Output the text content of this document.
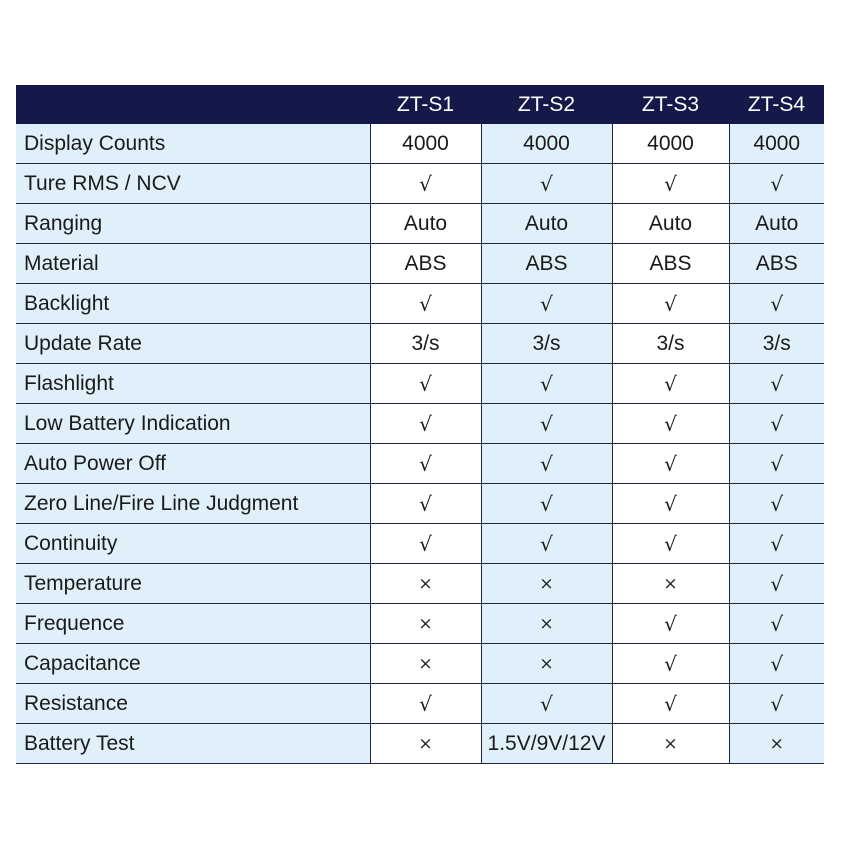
	ZT-S1	ZT-S2	ZT-S3	ZT-S4
Display Counts	4000	4000	4000	4000
Ture RMS / NCV	√	√	√	√
Ranging	Auto	Auto	Auto	Auto
Material	ABS	ABS	ABS	ABS
Backlight	√	√	√	√
Update Rate	3/s	3/s	3/s	3/s
Flashlight	√	√	√	√
Low Battery Indication	√	√	√	√
Auto Power Off	√	√	√	√
Zero Line/Fire Line Judgment	√	√	√	√
Continuity	√	√	√	√
Temperature	×	×	×	√
Frequence	×	×	√	√
Capacitance	×	×	√	√
Resistance	√	√	√	√
Battery Test	×	1.5V/9V/12V	×	×
